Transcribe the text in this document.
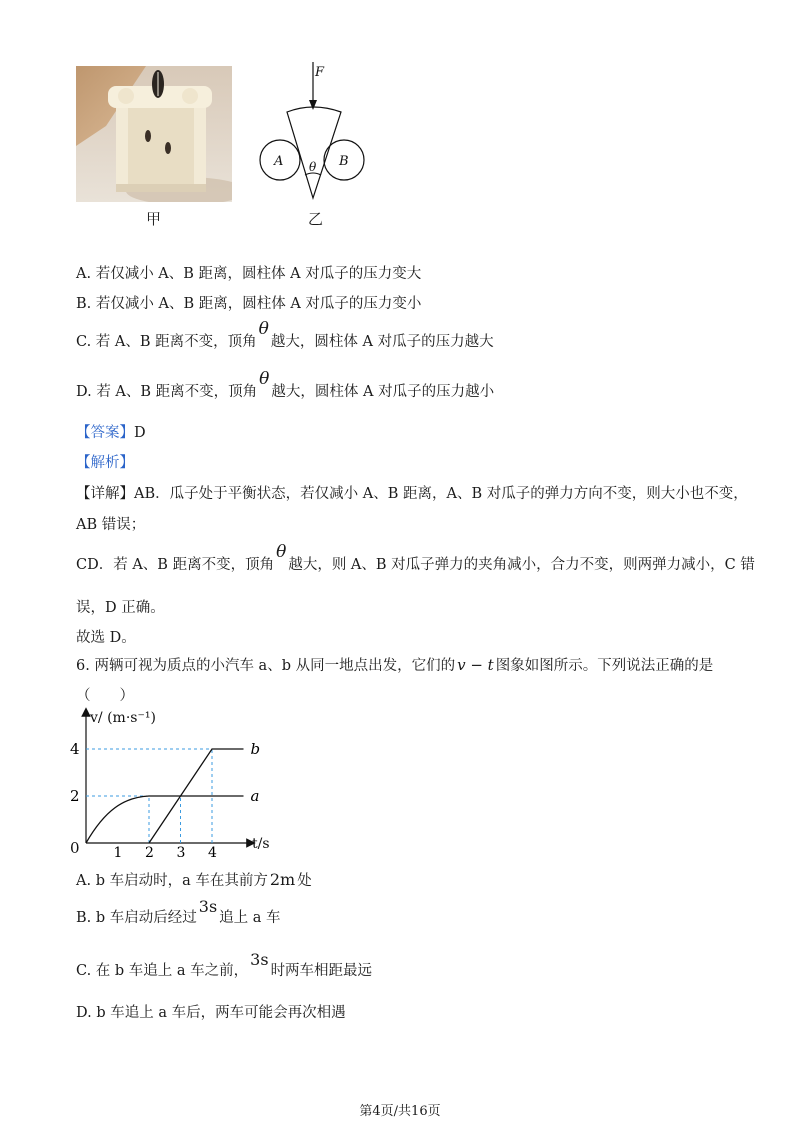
甲
F
A	B
θ
乙
A. 若仅减小 A、B 距离，圆柱体 A 对瓜子的压力变大
B. 若仅减小 A、B 距离，圆柱体 A 对瓜子的压力变小
C. 若 A、B 距离不变，顶角θ越大，圆柱体 A 对瓜子的压力越大
D. 若 A、B 距离不变，顶角θ越大，圆柱体 A 对瓜子的压力越小
【答案】D
【解析】
【详解】AB．瓜子处于平衡状态，若仅减小 A、B 距离，A、B 对瓜子的弹力方向不变，则大小也不变，
AB 错误；
CD．若 A、B 距离不变，顶角θ越大，则 A、B 对瓜子弹力的夹角减小，合力不变，则两弹力减小，C 错
误，D 正确。
故选 D。
6. 两辆可视为质点的小汽车 a、b 从同一地点出发，它们的 v − t 图象如图所示。下列说法正确的是
（　　）
a
b
1 2 3 4
2
4
v/ (m·s⁻¹)
t/s
0
A. b 车启动时，a 车在其前方 2m 处
B. b 车启动后经过3s追上 a 车
C. 在 b 车追上 a 车之前，3s时两车相距最远
D. b 车追上 a 车后，两车可能会再次相遇
第4页/共16页
